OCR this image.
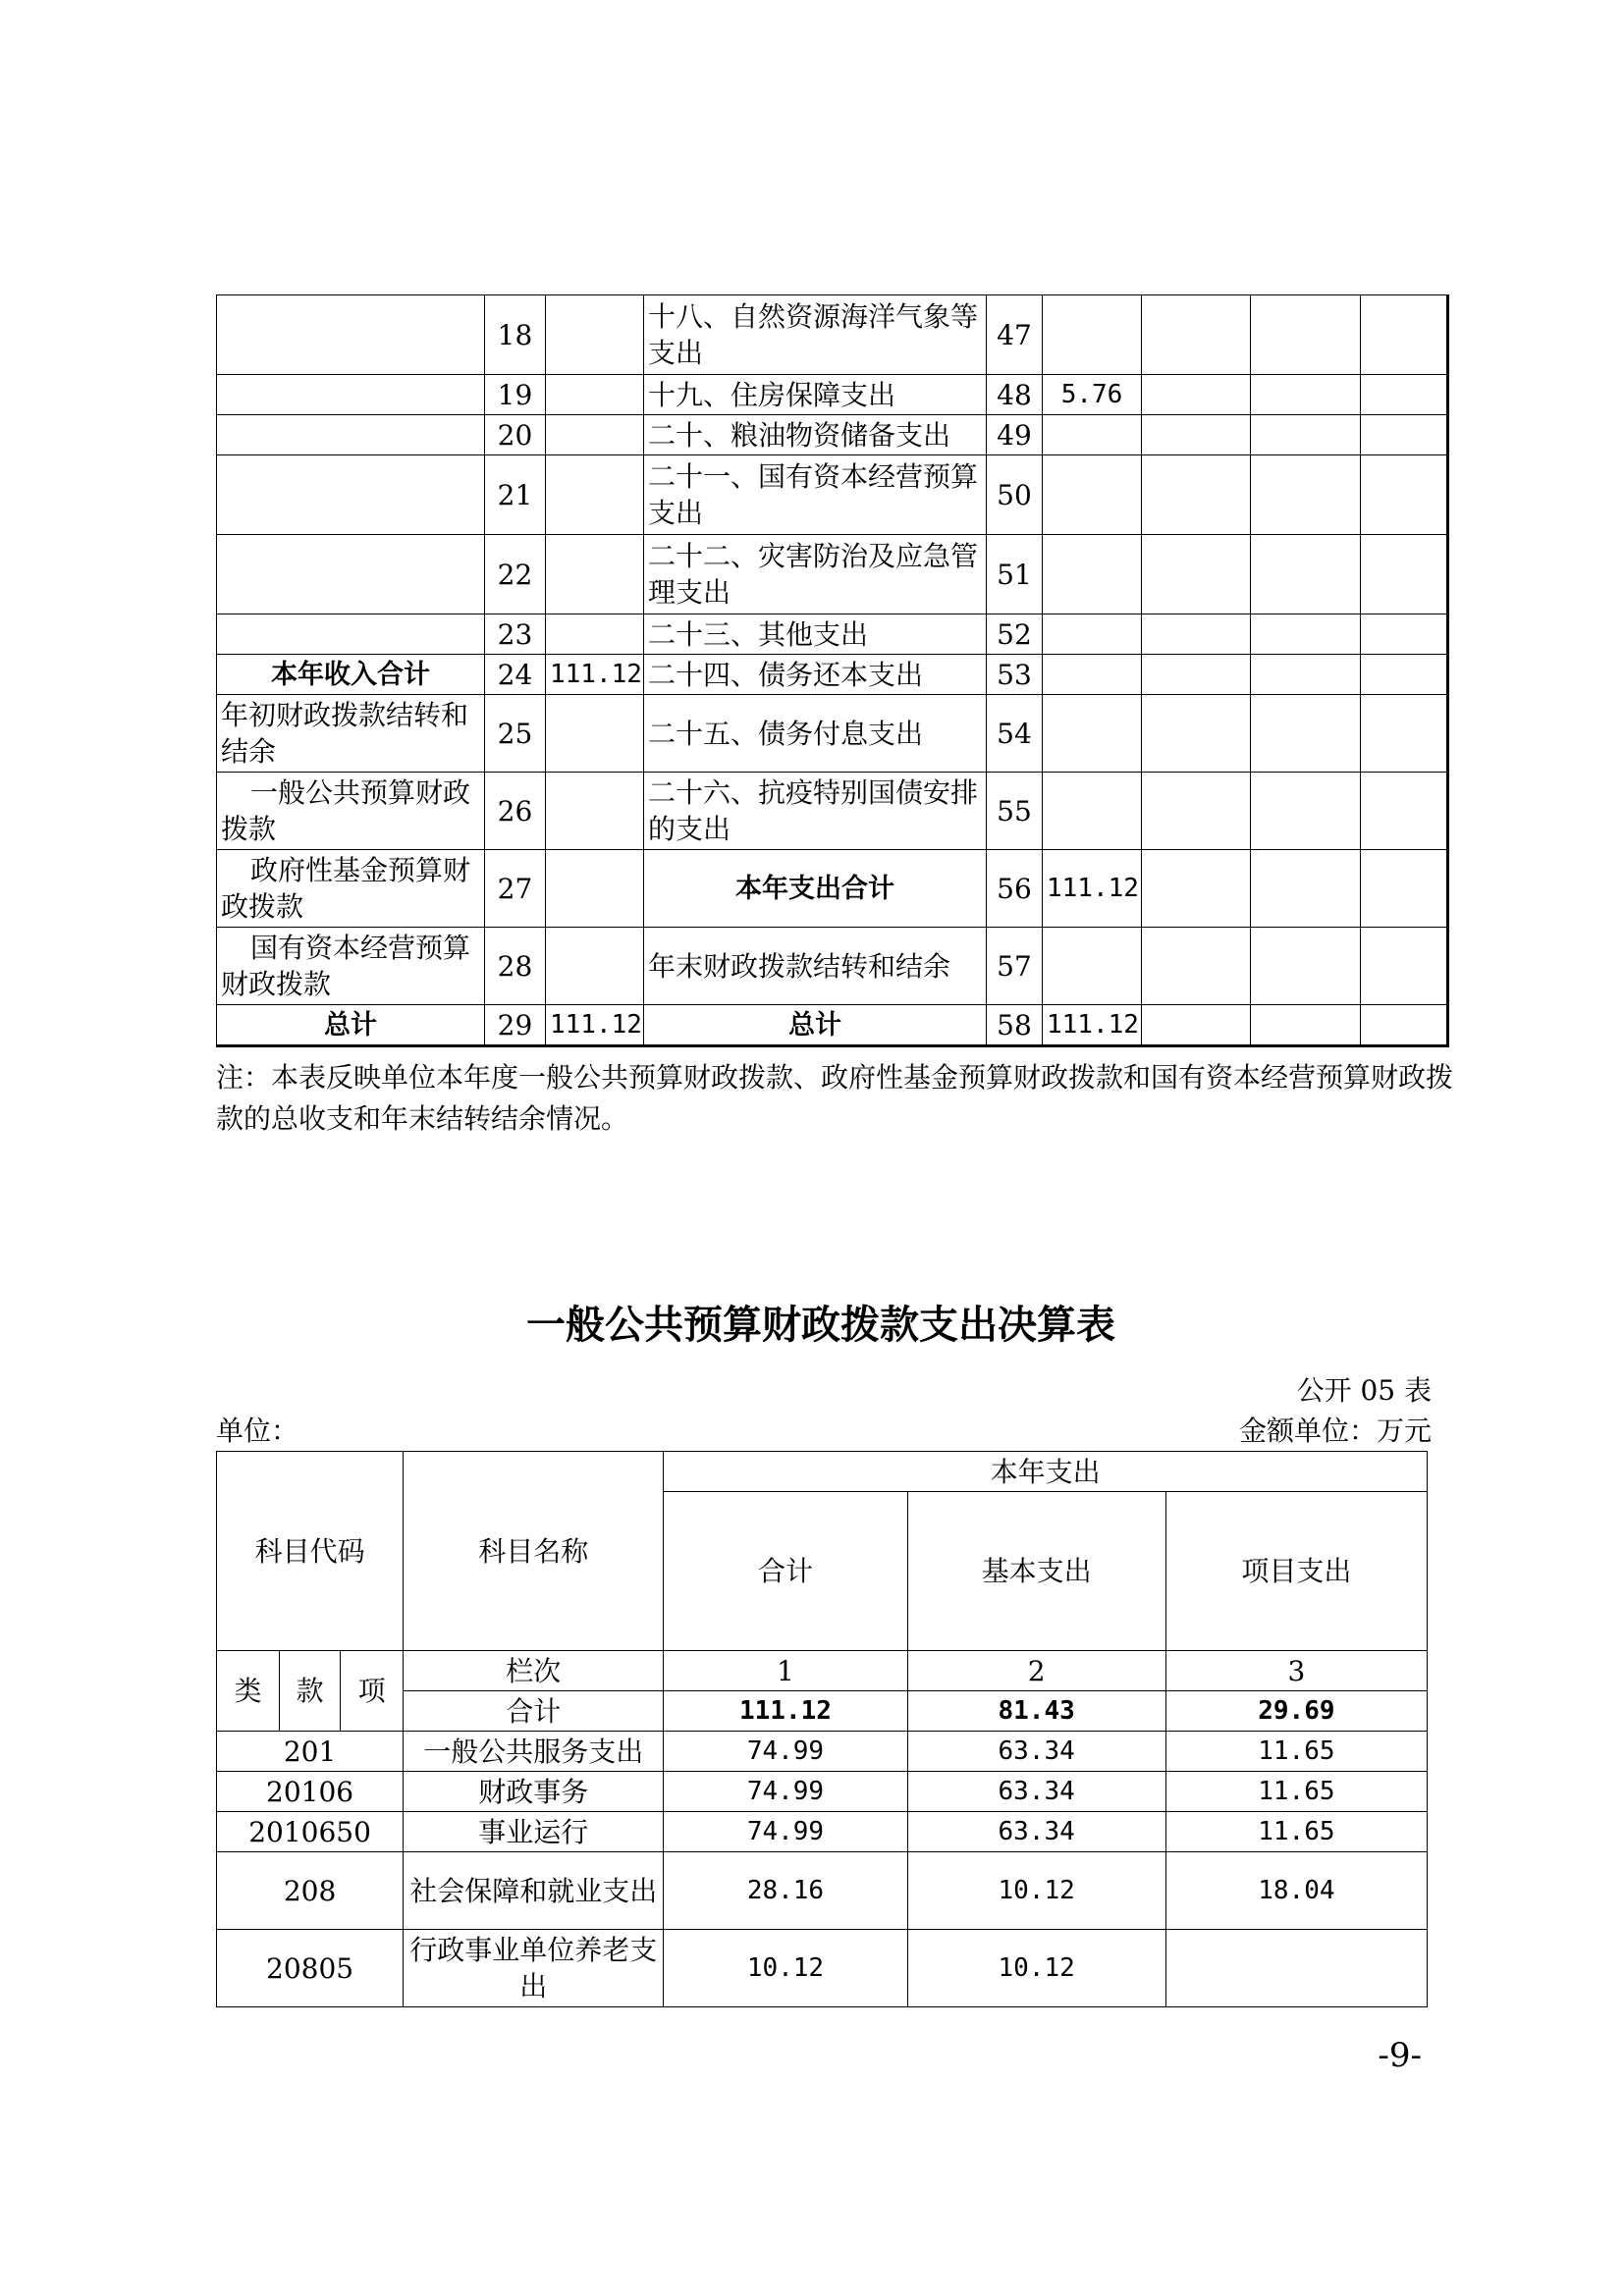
	18		十八、自然资源海洋气象等支出	47				
	19		十九、住房保障支出	48	5.76			
	20		二十、粮油物资储备支出	49				
	21		二十一、国有资本经营预算支出	50				
	22		二十二、灾害防治及应急管理支出	51				
	23		二十三、其他支出	52				
本年收入合计	24	111.12	二十四、债务还本支出	53				
年初财政拨款结转和结余	25		二十五、债务付息支出	54				
一般公共预算财政拨款	26		二十六、抗疫特别国债安排的支出	55				
政府性基金预算财政拨款	27		本年支出合计	56	111.12			
国有资本经营预算财政拨款	28		年末财政拨款结转和结余	57				
总计	29	111.12	总计	58	111.12			
注：本表反映单位本年度一般公共预算财政拨款、政府性基金预算财政拨款和国有资本经营预算财政拨款的总收支和年末结转结余情况。
一般公共预算财政拨款支出决算表
公开 05 表
单位：	金额单位：万元
科目代码			科目名称	本年支出		
				合计	基本支出	项目支出
类	款	项	栏次	1	2	3
			合计	111.12	81.43	29.69
201			一般公共服务支出	74.99	63.34	11.65
20106			财政事务	74.99	63.34	11.65
2010650			事业运行	74.99	63.34	11.65
208			社会保障和就业支出	28.16	10.12	18.04
20805			行政事业单位养老支出	10.12	10.12	
-9-
